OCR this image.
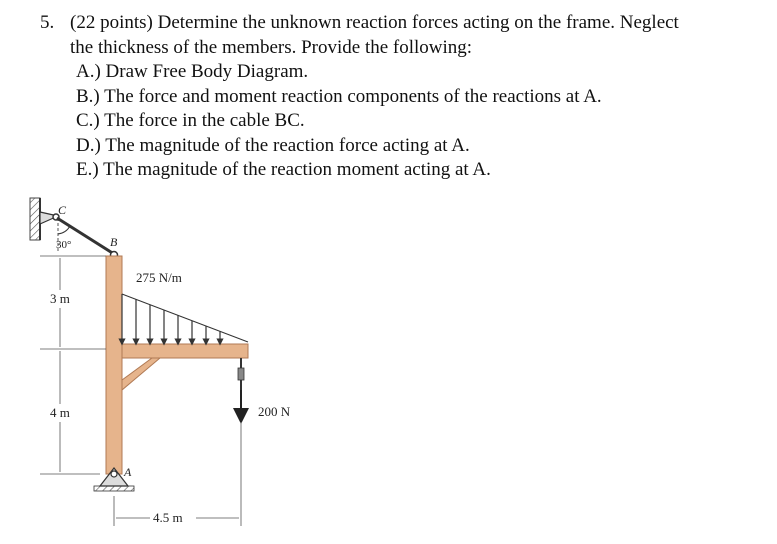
5. (22 points) Determine the unknown reaction forces acting on the frame. Neglect
the thickness of the members. Provide the following:
A.) Draw Free Body Diagram.
B.) The force and moment reaction components of the reactions at A.
C.) The force in the cable BC.
D.) The magnitude of the reaction force acting at A.
E.) The magnitude of the reaction moment acting at A.
C
30°	B
275 N/m
200 N
A
3 m
4 m
4.5 m
